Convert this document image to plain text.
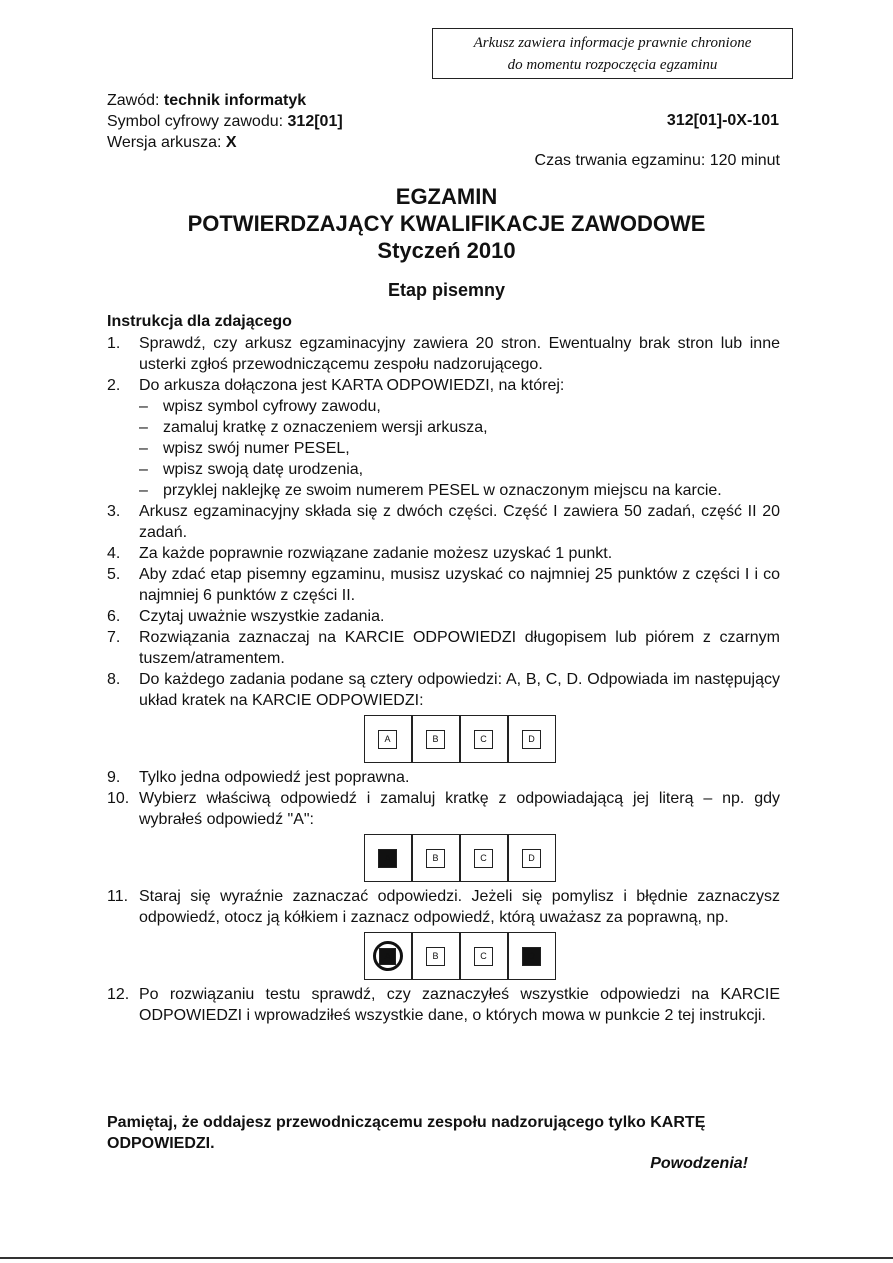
Arkusz zawiera informacje prawnie chronione
do momentu rozpoczęcia egzaminu
Zawód: technik informatyk
Symbol cyfrowy zawodu: 312[01]
Wersja arkusza: X
312[01]-0X-101
Czas trwania egzaminu: 120 minut
EGZAMIN
POTWIERDZAJĄCY KWALIFIKACJE ZAWODOWE
Styczeń 2010
Etap pisemny
Instrukcja dla zdającego
1.	Sprawdź, czy arkusz egzaminacyjny zawiera 20 stron. Ewentualny brak stron lub inne usterki zgłoś przewodniczącemu zespołu nadzorującego.
2.	Do arkusza dołączona jest KARTA ODPOWIEDZI, na której:
– wpisz symbol cyfrowy zawodu,
– zamaluj kratkę z oznaczeniem wersji arkusza,
– wpisz swój numer PESEL,
– wpisz swoją datę urodzenia,
– przyklej naklejkę ze swoim numerem PESEL w oznaczonym miejscu na karcie.
3.	Arkusz egzaminacyjny składa się z dwóch części. Część I zawiera 50 zadań, część II 20 zadań.
4.	Za każde poprawnie rozwiązane zadanie możesz uzyskać 1 punkt.
5.	Aby zdać etap pisemny egzaminu, musisz uzyskać co najmniej 25 punktów z części I i co najmniej 6 punktów z części II.
6.	Czytaj uważnie wszystkie zadania.
7.	Rozwiązania zaznaczaj na KARCIE ODPOWIEDZI długopisem lub piórem z czarnym tuszem/atramentem.
8.	Do każdego zadania podane są cztery odpowiedzi: A, B, C, D. Odpowiada im następujący układ kratek na KARCIE ODPOWIEDZI:
A	B	C	D
9.	Tylko jedna odpowiedź jest poprawna.
10. Wybierz właściwą odpowiedź i zamaluj kratkę z odpowiadającą jej literą – np. gdy wybrałeś odpowiedź "A":
A	B	C	D
11. Staraj się wyraźnie zaznaczać odpowiedzi. Jeżeli się pomylisz i błędnie zaznaczysz odpowiedź, otocz ją kółkiem i zaznacz odpowiedź, którą uważasz za poprawną, np.
A	B	C	D
12. Po rozwiązaniu testu sprawdź, czy zaznaczyłeś wszystkie odpowiedzi na KARCIE ODPOWIEDZI i wprowadziłeś wszystkie dane, o których mowa w punkcie 2 tej instrukcji.
Pamiętaj, że oddajesz przewodniczącemu zespołu nadzorującego tylko KARTĘ ODPOWIEDZI.
Powodzenia!
